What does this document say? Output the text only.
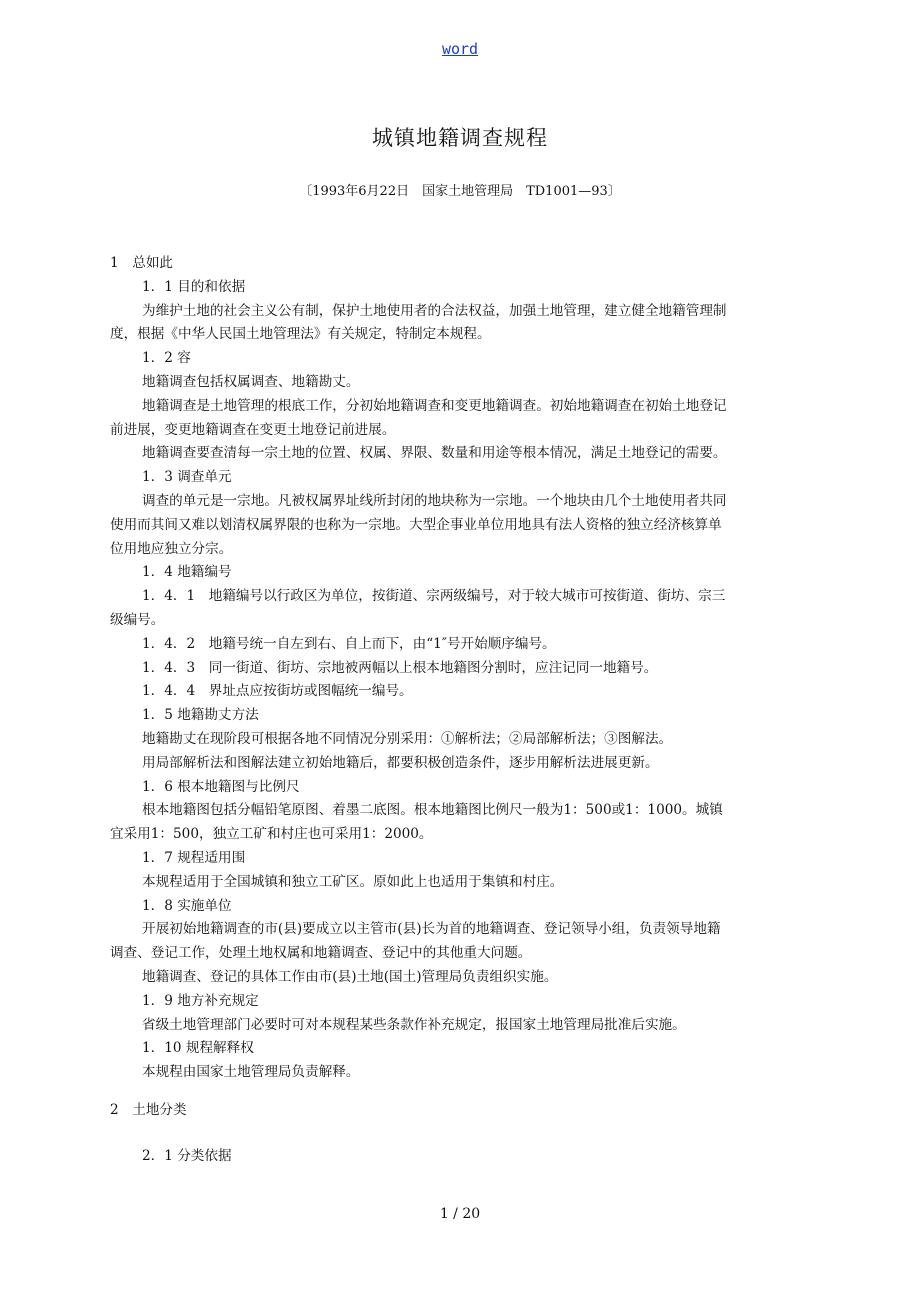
word
城镇地籍调查规程
〔1993年6月22日　国家土地管理局　TD1001—93〕
1　总如此
1．1 目的和依据
为维护土地的社会主义公有制，保护土地使用者的合法权益，加强土地管理，建立健全地籍管理制
度，根据《中华人民国土地管理法》有关规定，特制定本规程。
1．2 容
地籍调查包括权属调查、地籍勘丈。
地籍调查是土地管理的根底工作，分初始地籍调查和变更地籍调查。初始地籍调查在初始土地登记
前进展，变更地籍调查在变更土地登记前进展。
地籍调查要查清每一宗土地的位置、权属、界限、数量和用途等根本情况，满足土地登记的需要。
1．3 调查单元
调查的单元是一宗地。凡被权属界址线所封闭的地块称为一宗地。一个地块由几个土地使用者共同
使用而其间又难以划清权属界限的也称为一宗地。大型企事业单位用地具有法人资格的独立经济核算单
位用地应独立分宗。
1．4 地籍编号
1．4．1　地籍编号以行政区为单位，按街道、宗两级编号，对于较大城市可按街道、街坊、宗三
级编号。
1．4．2　地籍号统一自左到右、自上而下，由“1″号开始顺序编号。
1．4．3　同一街道、街坊、宗地被两幅以上根本地籍图分割时，应注记同一地籍号。
1．4．4　界址点应按街坊或图幅统一编号。
1．5 地籍勘丈方法
地籍勘丈在现阶段可根据各地不同情况分别采用：①解析法；②局部解析法；③图解法。
用局部解析法和图解法建立初始地籍后，都要积极创造条件，逐步用解析法进展更新。
1．6 根本地籍图与比例尺
根本地籍图包括分幅铅笔原图、着墨二底图。根本地籍图比例尺一般为1：500或1：1000。城镇
宜采用1：500，独立工矿和村庄也可采用1：2000。
1．7 规程适用围
本规程适用于全国城镇和独立工矿区。原如此上也适用于集镇和村庄。
1．8 实施单位
开展初始地籍调查的市(县)要成立以主管市(县)长为首的地籍调查、登记领导小组，负责领导地籍
调查、登记工作，处理土地权属和地籍调查、登记中的其他重大问题。
地籍调查、登记的具体工作由市(县)土地(国土)管理局负责组织实施。
1．9 地方补充规定
省级土地管理部门必要时可对本规程某些条款作补充规定，报国家土地管理局批准后实施。
1．10 规程解释权
本规程由国家土地管理局负责解释。
2　土地分类
2．1 分类依据
1 / 20
